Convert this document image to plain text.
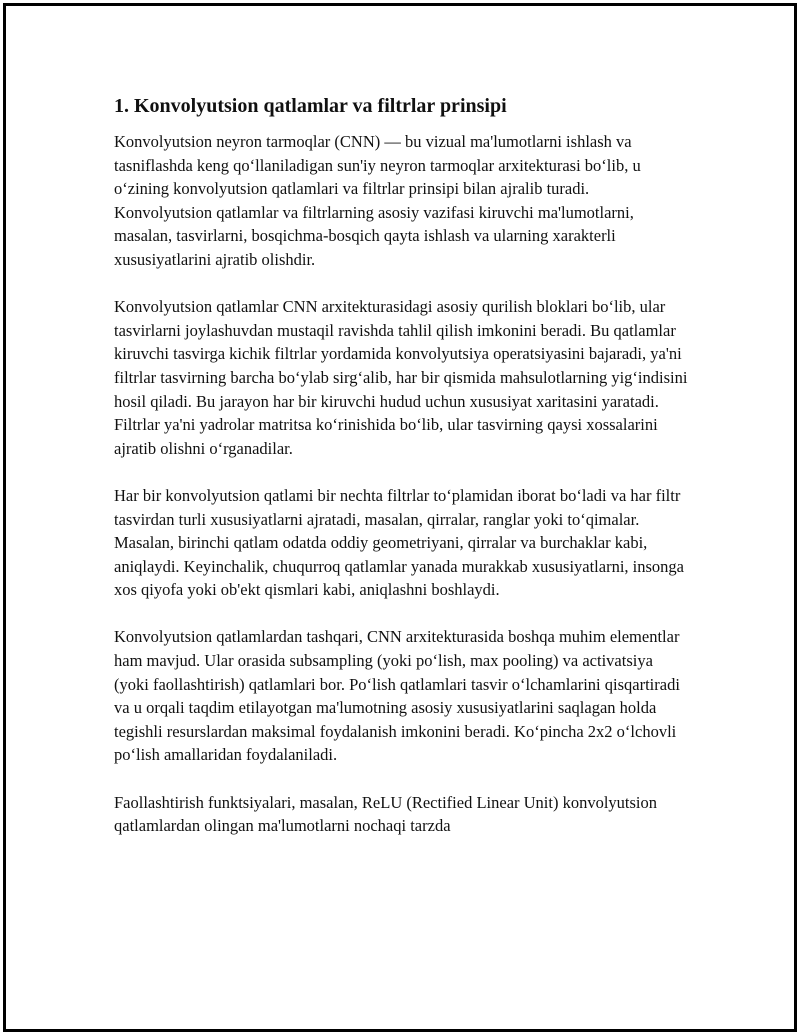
1. Konvolyutsion qatlamlar va filtrlar prinsipi

Konvolyutsion neyron tarmoqlar (CNN) — bu vizual ma'lumotlarni ishlash va tasniflashda keng qo‘llaniladigan sun'iy neyron tarmoqlar arxitekturasi bo‘lib, u o‘zining konvolyutsion qatlamlari va filtrlar prinsipi bilan ajralib turadi. Konvolyutsion qatlamlar va filtrlarning asosiy vazifasi kiruvchi ma'lumotlarni, masalan, tasvirlarni, bosqichma-bosqich qayta ishlash va ularning xarakterli xususiyatlarini ajratib olishdir.

Konvolyutsion qatlamlar CNN arxitekturasidagi asosiy qurilish bloklari bo‘lib, ular tasvirlarni joylashuvdan mustaqil ravishda tahlil qilish imkonini beradi. Bu qatlamlar kiruvchi tasvirga kichik filtrlar yordamida konvolyutsiya operatsiyasini bajaradi, ya'ni filtrlar tasvirning barcha bo‘ylab sirg‘alib, har bir qismida mahsulotlarning yig‘indisini hosil qiladi. Bu jarayon har bir kiruvchi hudud uchun xususiyat xaritasini yaratadi. Filtrlar ya'ni yadrolar matritsa ko‘rinishida bo‘lib, ular tasvirning qaysi xossalarini ajratib olishni o‘rganadilar.

Har bir konvolyutsion qatlami bir nechta filtrlar to‘plamidan iborat bo‘ladi va har filtr tasvirdan turli xususiyatlarni ajratadi, masalan, qirralar, ranglar yoki to‘qimalar. Masalan, birinchi qatlam odatda oddiy geometriyani, qirralar va burchaklar kabi, aniqlaydi. Keyinchalik, chuqurroq qatlamlar yanada murakkab xususiyatlarni, insonga xos qiyofa yoki ob'ekt qismlari kabi, aniqlashni boshlaydi.

Konvolyutsion qatlamlardan tashqari, CNN arxitekturasida boshqa muhim elementlar ham mavjud. Ular orasida subsampling (yoki po‘lish, max pooling) va activatsiya (yoki faollashtirish) qatlamlari bor. Po‘lish qatlamlari tasvir o‘lchamlarini qisqartiradi va u orqali taqdim etilayotgan ma'lumotning asosiy xususiyatlarini saqlagan holda tegishli resurslardan maksimal foydalanish imkonini beradi. Ko‘pincha 2x2 o‘lchovli po‘lish amallaridan foydalaniladi.

Faollashtirish funktsiyalari, masalan, ReLU (Rectified Linear Unit) konvolyutsion qatlamlardan olingan ma'lumotlarni nochaqi tarzda
